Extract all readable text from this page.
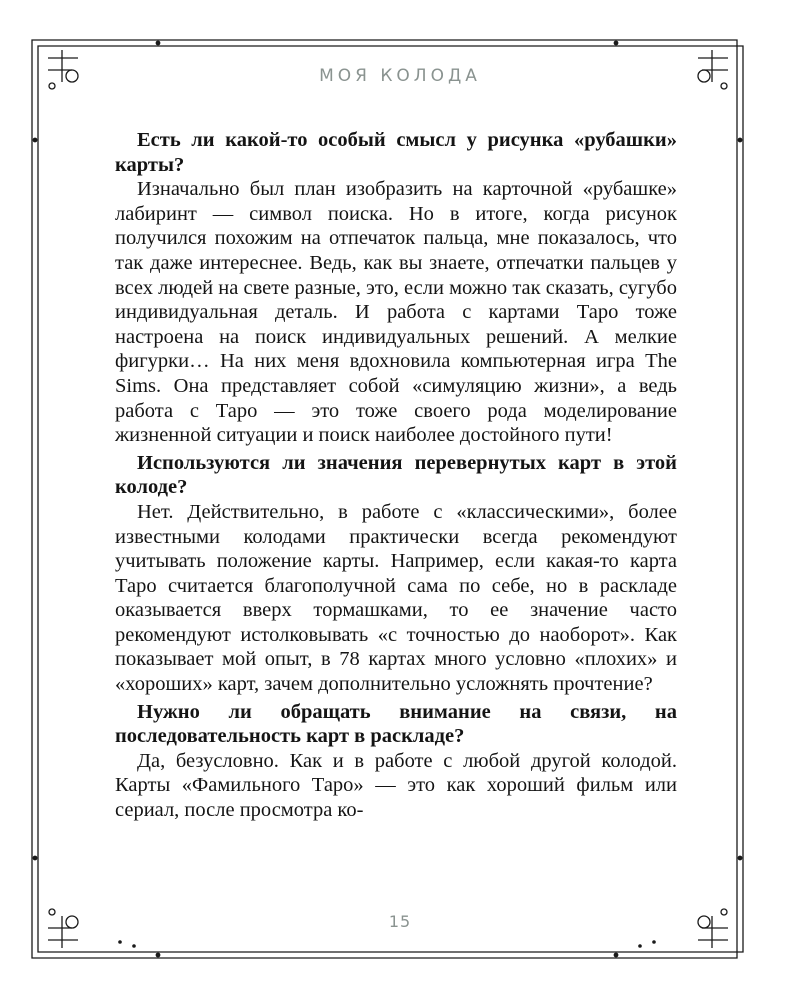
МОЯ КОЛОДА

Есть ли какой-то особый смысл у рисунка «рубашки» карты?

Изначально был план изобразить на карточной «рубашке» лабиринт — символ поиска. Но в итоге, когда рисунок получился похожим на отпечаток пальца, мне показалось, что так даже интереснее. Ведь, как вы знаете, отпечатки пальцев у всех людей на свете разные, это, если можно так сказать, сугубо индивидуальная деталь. И работа с картами Таро тоже настроена на поиск индивидуальных решений. А мелкие фигурки… На них меня вдохновила компьютерная игра The Sims. Она представляет собой «симуляцию жизни», а ведь работа с Таро — это тоже своего рода моделирование жизненной ситуации и поиск наиболее достойного пути!

Используются ли значения перевернутых карт в этой колоде?

Нет. Действительно, в работе с «классическими», более известными колодами практически всегда рекомендуют учитывать положение карты. Например, если какая-то карта Таро считается благополучной сама по себе, но в раскладе оказывается вверх тормашками, то ее значение часто рекомендуют истолковывать «с точностью до наоборот». Как показывает мой опыт, в 78 картах много условно «плохих» и «хороших» карт, зачем дополнительно усложнять прочтение?

Нужно ли обращать внимание на связи, на последовательность карт в раскладе?

Да, безусловно. Как и в работе с любой другой колодой. Карты «Фамильного Таро» — это как хороший фильм или сериал, после просмотра ко-

15
